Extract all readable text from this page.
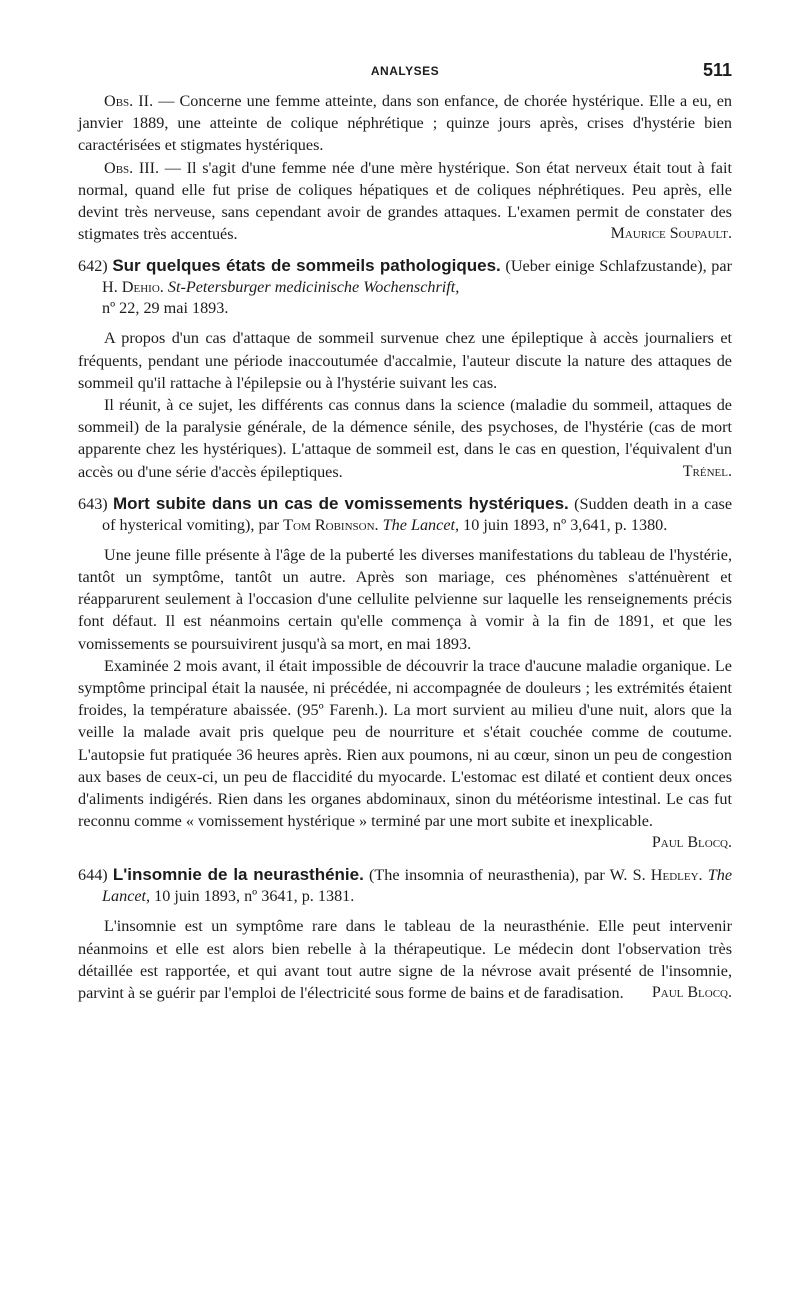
ANALYSES	511

Obs. II. — Concerne une femme atteinte, dans son enfance, de chorée hystérique. Elle a eu, en janvier 1889, une atteinte de colique néphrétique ; quinze jours après, crises d'hystérie bien caractérisées et stigmates hystériques.

Obs. III. — Il s'agit d'une femme née d'une mère hystérique. Son état nerveux était tout à fait normal, quand elle fut prise de coliques hépatiques et de coliques néphrétiques. Peu après, elle devint très nerveuse, sans cependant avoir de grandes attaques. L'examen permit de constater des stigmates très accentués.	Maurice Soupault.

642) Sur quelques états de sommeils pathologiques. (Ueber einige Schlafzustande), par H. Dehio. St-Petersburger medicinische Wochenschrift,

nº 22, 29 mai 1893.

A propos d'un cas d'attaque de sommeil survenue chez une épileptique à accès journaliers et fréquents, pendant une période inaccoutumée d'accalmie, l'auteur discute la nature des attaques de sommeil qu'il rattache à l'épilepsie ou à l'hystérie suivant les cas.

Il réunit, à ce sujet, les différents cas connus dans la science (maladie du sommeil, attaques de sommeil) de la paralysie générale, de la démence sénile, des psychoses, de l'hystérie (cas de mort apparente chez les hystériques). L'attaque de sommeil est, dans le cas en question, l'équivalent d'un accès ou d'une série d'accès épileptiques.	Trénel.

643) Mort subite dans un cas de vomissements hystériques. (Sudden death in a case of hysterical vomiting), par Tom Robinson. The Lancet, 10 juin 1893, nº 3,641, p. 1380.

Une jeune fille présente à l'âge de la puberté les diverses manifestations du tableau de l'hystérie, tantôt un symptôme, tantôt un autre. Après son mariage, ces phénomènes s'atténuèrent et réapparurent seulement à l'occasion d'une cellulite pelvienne sur laquelle les renseignements précis font défaut. Il est néanmoins certain qu'elle commença à vomir à la fin de 1891, et que les vomissements se poursuivirent jusqu'à sa mort, en mai 1893.

Examinée 2 mois avant, il était impossible de découvrir la trace d'aucune maladie organique. Le symptôme principal était la nausée, ni précédée, ni accompagnée de douleurs ; les extrémités étaient froides, la température abaissée. (95º Farenh.). La mort survient au milieu d'une nuit, alors que la veille la malade avait pris quelque peu de nourriture et s'était couchée comme de coutume. L'autopsie fut pratiquée 36 heures après. Rien aux poumons, ni au cœur, sinon un peu de congestion aux bases de ceux-ci, un peu de flaccidité du myocarde. L'estomac est dilaté et contient deux onces d'aliments indigérés. Rien dans les organes abdominaux, sinon du météorisme intestinal. Le cas fut reconnu comme « vomissement hystérique » terminé par une mort subite et inexplicable.

Paul Blocq.

644) L'insomnie de la neurasthénie. (The insomnia of neurasthenia), par W. S. Hedley. The Lancet, 10 juin 1893, nº 3641, p. 1381.

L'insomnie est un symptôme rare dans le tableau de la neurasthénie. Elle peut intervenir néanmoins et elle est alors bien rebelle à la thérapeutique. Le médecin dont l'observation très détaillée est rapportée, et qui avant tout autre signe de la névrose avait présenté de l'insomnie, parvint à se guérir par l'emploi de l'électricité sous forme de bains et de faradisation.	Paul Blocq.
